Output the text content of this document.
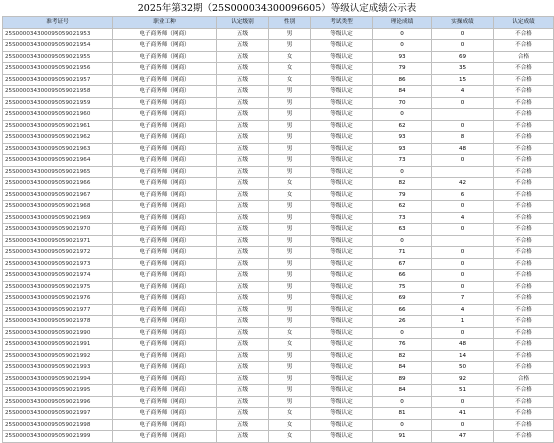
2025年第32期（25S000034300096605）等级认定成绩公示表
准考证号	职业工种	认定级别	性别	考试类型	理论成绩	实操成绩	认定成绩
25S000034300095059021953	电子商务师（网商）	五级	男	等级认定	0	0	不合格
25S000034300095059021954	电子商务师（网商）	五级	男	等级认定	0	0	不合格
25S000034300095059021955	电子商务师（网商）	五级	女	等级认定	93	69	合格
25S000034300095059021956	电子商务师（网商）	五级	女	等级认定	79	35	不合格
25S000034300095059021957	电子商务师（网商）	五级	女	等级认定	86	15	不合格
25S000034300095059021958	电子商务师（网商）	五级	男	等级认定	84	4	不合格
25S000034300095059021959	电子商务师（网商）	五级	男	等级认定	70	0	不合格
25S000034300095059021960	电子商务师（网商）	五级	男	等级认定	0		不合格
25S000034300095059021961	电子商务师（网商）	五级	男	等级认定	62	0	不合格
25S000034300095059021962	电子商务师（网商）	五级	男	等级认定	93	8	不合格
25S000034300095059021963	电子商务师（网商）	五级	男	等级认定	93	48	不合格
25S000034300095059021964	电子商务师（网商）	五级	男	等级认定	73	0	不合格
25S000034300095059021965	电子商务师（网商）	五级	男	等级认定	0		不合格
25S000034300095059021966	电子商务师（网商）	五级	女	等级认定	82	42	不合格
25S000034300095059021967	电子商务师（网商）	五级	女	等级认定	79	6	不合格
25S000034300095059021968	电子商务师（网商）	五级	男	等级认定	62	0	不合格
25S000034300095059021969	电子商务师（网商）	五级	男	等级认定	73	4	不合格
25S000034300095059021970	电子商务师（网商）	五级	男	等级认定	63	0	不合格
25S000034300095059021971	电子商务师（网商）	五级	男	等级认定	0		不合格
25S000034300095059021972	电子商务师（网商）	五级	男	等级认定	71	0	不合格
25S000034300095059021973	电子商务师（网商）	五级	男	等级认定	67	0	不合格
25S000034300095059021974	电子商务师（网商）	五级	男	等级认定	66	0	不合格
25S000034300095059021975	电子商务师（网商）	五级	男	等级认定	75	0	不合格
25S000034300095059021976	电子商务师（网商）	五级	男	等级认定	69	7	不合格
25S000034300095059021977	电子商务师（网商）	五级	男	等级认定	66	4	不合格
25S000034300095059021978	电子商务师（网商）	五级	男	等级认定	26	1	不合格
25S000034300095059021990	电子商务师（网商）	五级	女	等级认定	0	0	不合格
25S000034300095059021991	电子商务师（网商）	五级	女	等级认定	76	48	不合格
25S000034300095059021992	电子商务师（网商）	五级	男	等级认定	82	14	不合格
25S000034300095059021993	电子商务师（网商）	五级	男	等级认定	84	50	不合格
25S000034300095059021994	电子商务师（网商）	五级	男	等级认定	89	92	合格
25S000034300095059021995	电子商务师（网商）	五级	男	等级认定	84	51	不合格
25S000034300095059021996	电子商务师（网商）	五级	男	等级认定	0	0	不合格
25S000034300095059021997	电子商务师（网商）	五级	女	等级认定	81	41	不合格
25S000034300095059021998	电子商务师（网商）	五级	女	等级认定	0	0	不合格
25S000034300095059021999	电子商务师（网商）	五级	女	等级认定	91	47	不合格
